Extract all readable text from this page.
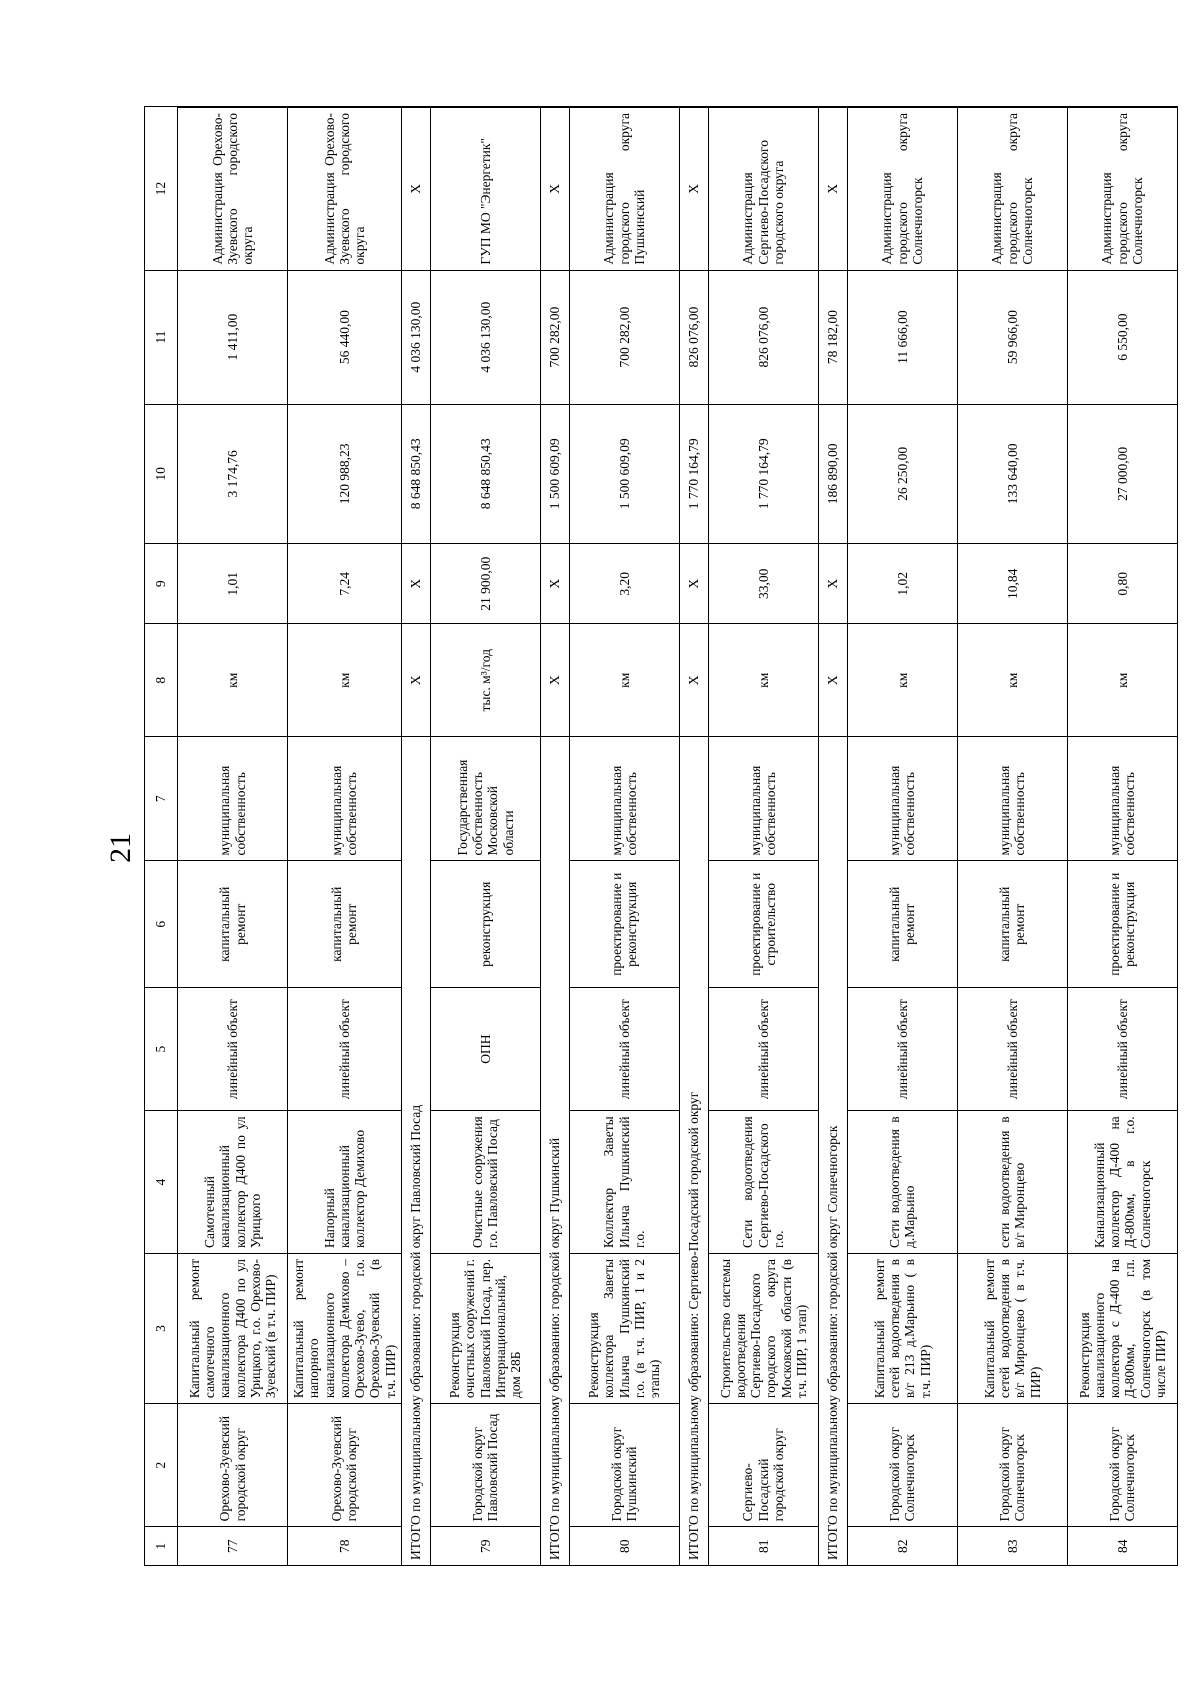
21
1	2	3	4	5	6	7	8	9	10	11	12
77	Орехово-Зуевский городской округ	Капитальный ремонт самотечного канализационного коллектора Д400 по ул Урицкого, г.о. Орехово-Зуевский (в т.ч. ПИР)	Самотечный канализационный коллектор Д400 по ул Урицкого	линейный объект	капитальный ремонт	муниципальная собственность	км	1,01	3 174,76	1 411,00	Администрация Орехово-Зуевского городского округа
78	Орехово-Зуевский городской округ	Капитальный ремонт напорного канализационного коллектора Демихово – Орехово-Зуево, г.о. Орехово-Зуевский (в т.ч. ПИР)	Напорный канализационный коллектор Демихово	линейный объект	капитальный ремонт	муниципальная собственность	км	7,24	120 988,23	56 440,00	Администрация Орехово-Зуевского городского округа
ИТОГО по муниципальному образованию: городской округ Павловский Посад							X	X	8 648 850,43	4 036 130,00	X
79	Городской округ Павловский Посад	Реконструкция очистных сооружений г. Павловский Посад, пер. Интернациональный, дом 28Б	Очистные сооружения г.о. Павловский Посад	ОПН	реконструкция	Государственная собственность Московской области	тыс. м³/год	21 900,00	8 648 850,43	4 036 130,00	ГУП МО "Энергетик"
ИТОГО по муниципальному образованию: городской округ Пушкинский							X	X	1 500 609,09	700 282,00	X
80	Городской округ Пушкинский	Реконструкция коллектора Заветы Ильича Пушкинский г.о. (в т.ч. ПИР, 1 и 2 этапы)	Коллектор Заветы Ильича Пушкинский г.о.	линейный объект	проектирование и реконструкция	муниципальная собственность	км	3,20	1 500 609,09	700 282,00	Администрация городского округа Пушкинский
ИТОГО по муниципальному образованию: Сергиево-Посадский городской округ							X	X	1 770 164,79	826 076,00	X
81	Сергиево-Посадский городской округ	Строительство системы водоотведения Сергиево-Посадского городского округа Московской области (в т.ч. ПИР, 1 этап)	Сети водоотведения Сергиево-Посадского г.о.	линейный объект	проектирование и строительство	муниципальная собственность	км	33,00	1 770 164,79	826 076,00	Администрация Сергиево-Посадского городского округа
ИТОГО по муниципальному образованию: городской округ Солнечногорск							X	X	186 890,00	78 182,00	X
82	Городской округ Солнечногорск	Капитальный ремонт сетей водоотведения в в/г 213 д.Марьино ( в т.ч. ПИР)	Сети водоотведения в д.Марьино	линейный объект	капитальный ремонт	муниципальная собственность	км	1,02	26 250,00	11 666,00	Администрация городского округа Солнечногорск
83	Городской округ Солнечногорск	Капитальный ремонт сетей водоотведения в в/г Миронцево ( в т.ч. ПИР)	сети водоотведения в в/г Миронцево	линейный объект	капитальный ремонт	муниципальная собственность	км	10,84	133 640,00	59 966,00	Администрация городского округа Солнечногорск
84	Городской округ Солнечногорск	Реконструкция канализационного коллектора с Д-400 на Д-800мм, г.п. Солнечногорск (в том числе ПИР)	Канализационный коллектор Д-400 на Д-800мм, в г.о. Солнечногорск	линейный объект	проектирование и реконструкция	муниципальная собственность	км	0,80	27 000,00	6 550,00	Администрация городского округа Солнечногорск
